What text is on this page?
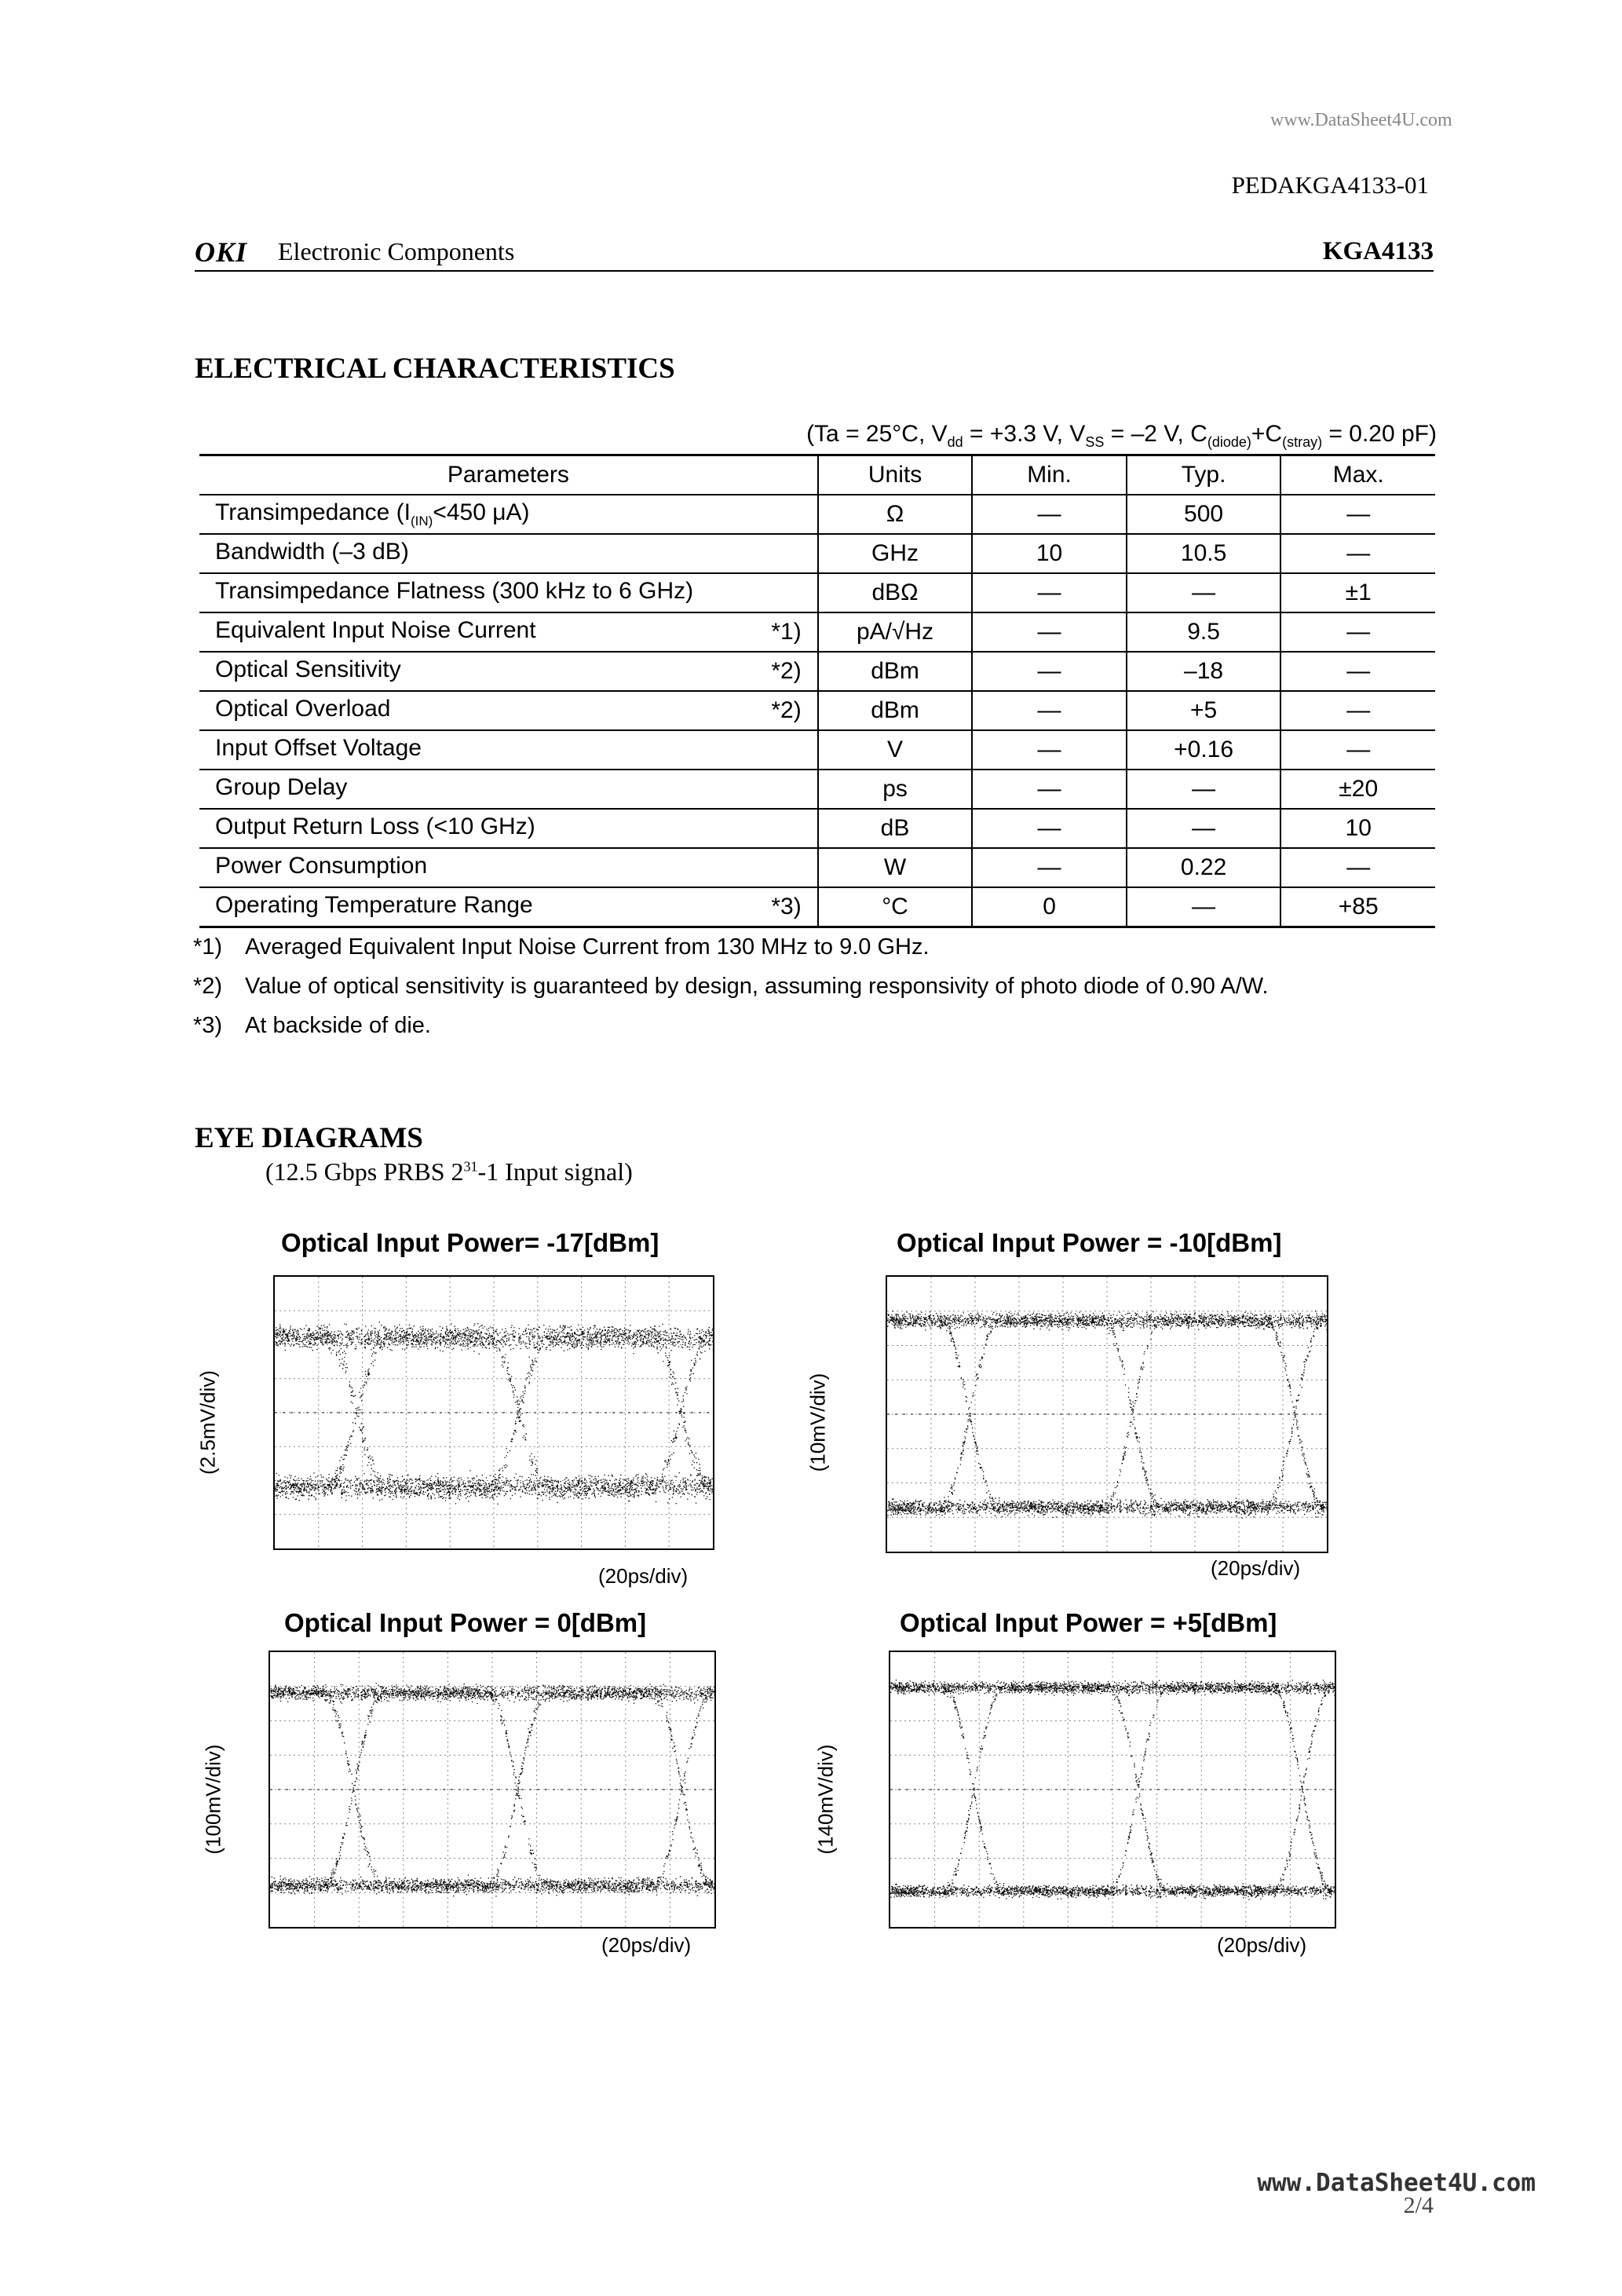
www.DataSheet4U.com
PEDAKGA4133-01
OKI Electronic Components	KGA4133
ELECTRICAL CHARACTERISTICS
(Ta = 25°C, $V_{dd} = +3.3$ V, $V_{SS} = -2$ V, $C_{(diode)}+C_{(stray)} = 0.20$ pF)
Parameters		Units	Min.	Typ.	Max.
Transimpedance ($I_{(IN)}<450$ μA)		Ω	—	500	—
Bandwidth (–3 dB)		GHz	10	10.5	—
Transimpedance Flatness (300 kHz to 6 GHz)		dBΩ	—	—	±1
Equivalent Input Noise Current	*1)	pA/√Hz	—	9.5	—
Optical Sensitivity	*2)	dBm	—	–18	—
Optical Overload	*2)	dBm	—	+5	—
Input Offset Voltage		V	—	+0.16	—
Group Delay		ps	—	—	±20
Output Return Loss (<10 GHz)		dB	—	—	10
Power Consumption		W	—	0.22	—
Operating Temperature Range	*3)	°C	0	—	+85
*1) Averaged Equivalent Input Noise Current from 130 MHz to 9.0 GHz.
*2) Value of optical sensitivity is guaranteed by design, assuming responsivity of photo diode of 0.90 A/W.
*3) At backside of die.
EYE DIAGRAMS
(12.5 Gbps PRBS $2^{31}-1$ Input signal)
Optical Input Power= -17[dBm]
(2.5mV/div)
(20ps/div)
Optical Input Power = -10[dBm]
(10mV/div)
(20ps/div)
Optical Input Power = 0[dBm]
(100mV/div)
(20ps/div)
Optical Input Power = +5[dBm]
(140mV/div)
(20ps/div)
www.DataSheet4U.com
2/4
